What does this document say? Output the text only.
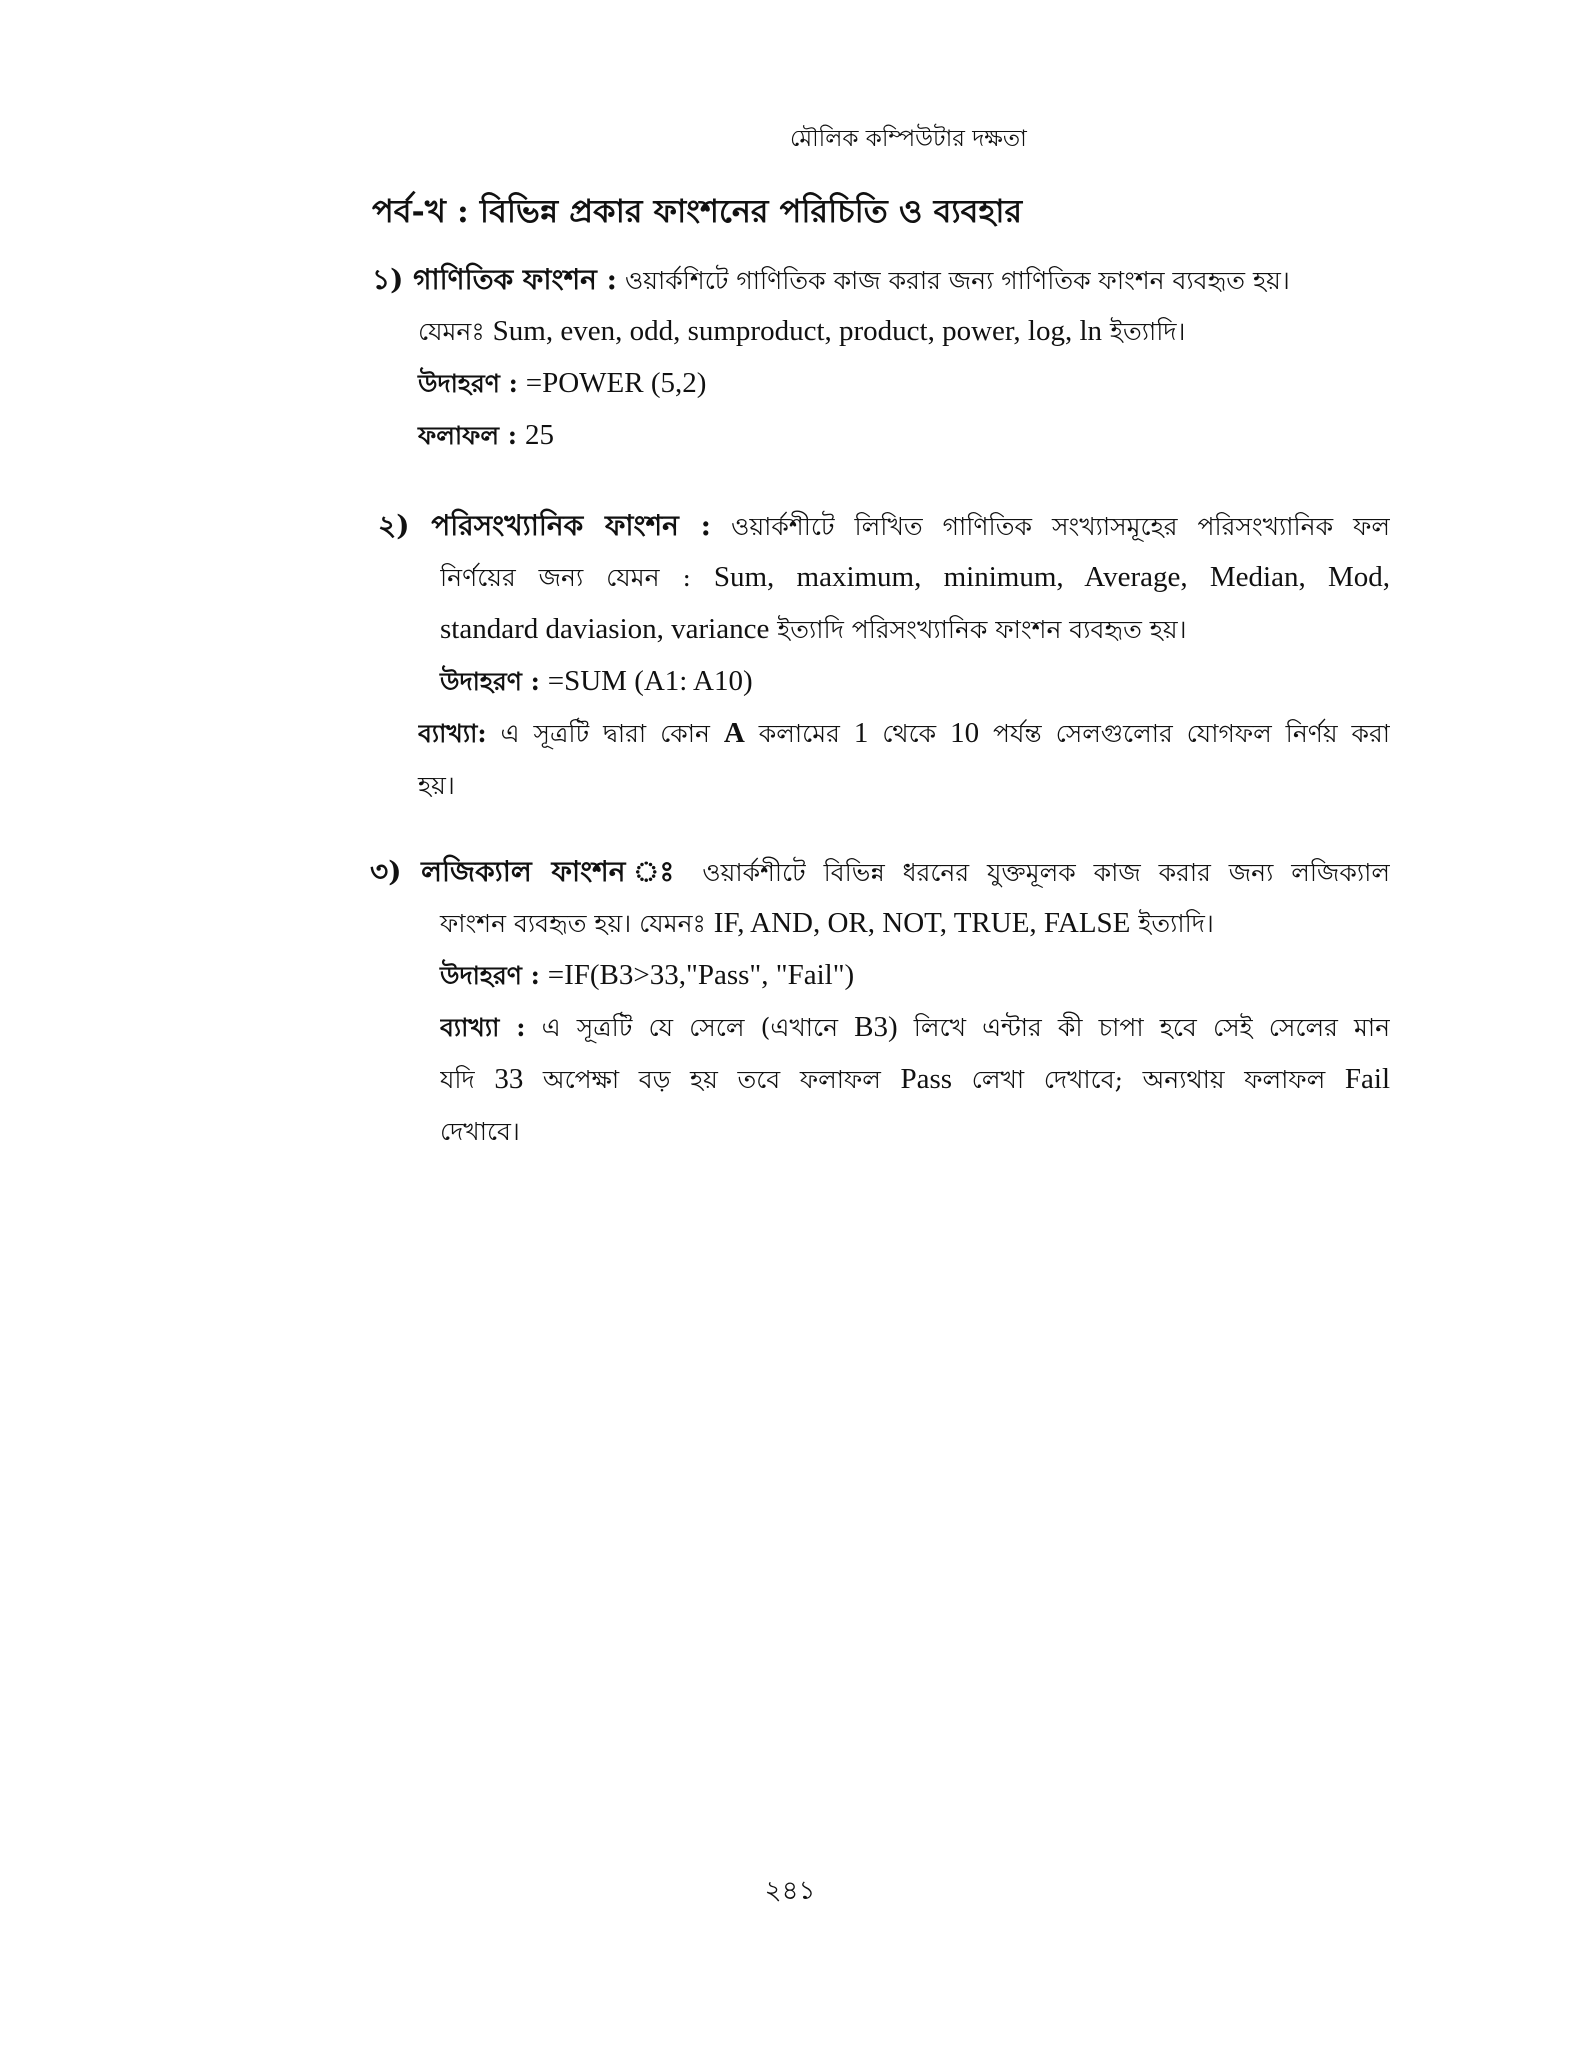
মৌলিক কম্পিউটার দক্ষতা
পর্ব-খ : বিভিন্ন প্রকার ফাংশনের পরিচিতি ও ব্যবহার
১) গাণিতিক ফাংশন : ওয়ার্কশিটে গাণিতিক কাজ করার জন্য গাণিতিক ফাংশন ব্যবহৃত হয়।
যেমনঃ Sum, even, odd, sumproduct, product, power, log, ln ইত্যাদি।
উদাহরণ : =POWER (5,2)
ফলাফল : 25
২) পরিসংখ্যানিক ফাংশন : ওয়ার্কশীটে লিখিত গাণিতিক সংখ্যাসমূহের পরিসংখ্যানিক ফল
নির্ণয়ের জন্য যেমন : Sum, maximum, minimum, Average, Median, Mod,
standard daviasion, variance ইত্যাদি পরিসংখ্যানিক ফাংশন ব্যবহৃত হয়।
উদাহরণ : =SUM (A1: A10)
ব্যাখ্যা: এ সূত্রটি দ্বারা কোন A কলামের 1 থেকে 10 পর্যন্ত সেলগুলোর যোগফল নির্ণয় করা
হয়।
৩) লজিক্যাল ফাংশন ঃ ওয়ার্কশীটে বিভিন্ন ধরনের যুক্তমূলক কাজ করার জন্য লজিক্যাল
ফাংশন ব্যবহৃত হয়। যেমনঃ IF, AND, OR, NOT, TRUE, FALSE ইত্যাদি।
উদাহরণ : =IF(B3>33,"Pass", "Fail")
ব্যাখ্যা : এ সূত্রটি যে সেলে (এখানে B3) লিখে এন্টার কী চাপা হবে সেই সেলের মান
যদি 33 অপেক্ষা বড় হয় তবে ফলাফল Pass লেখা দেখাবে; অন্যথায় ফলাফল Fail
দেখাবে।
২৪১
